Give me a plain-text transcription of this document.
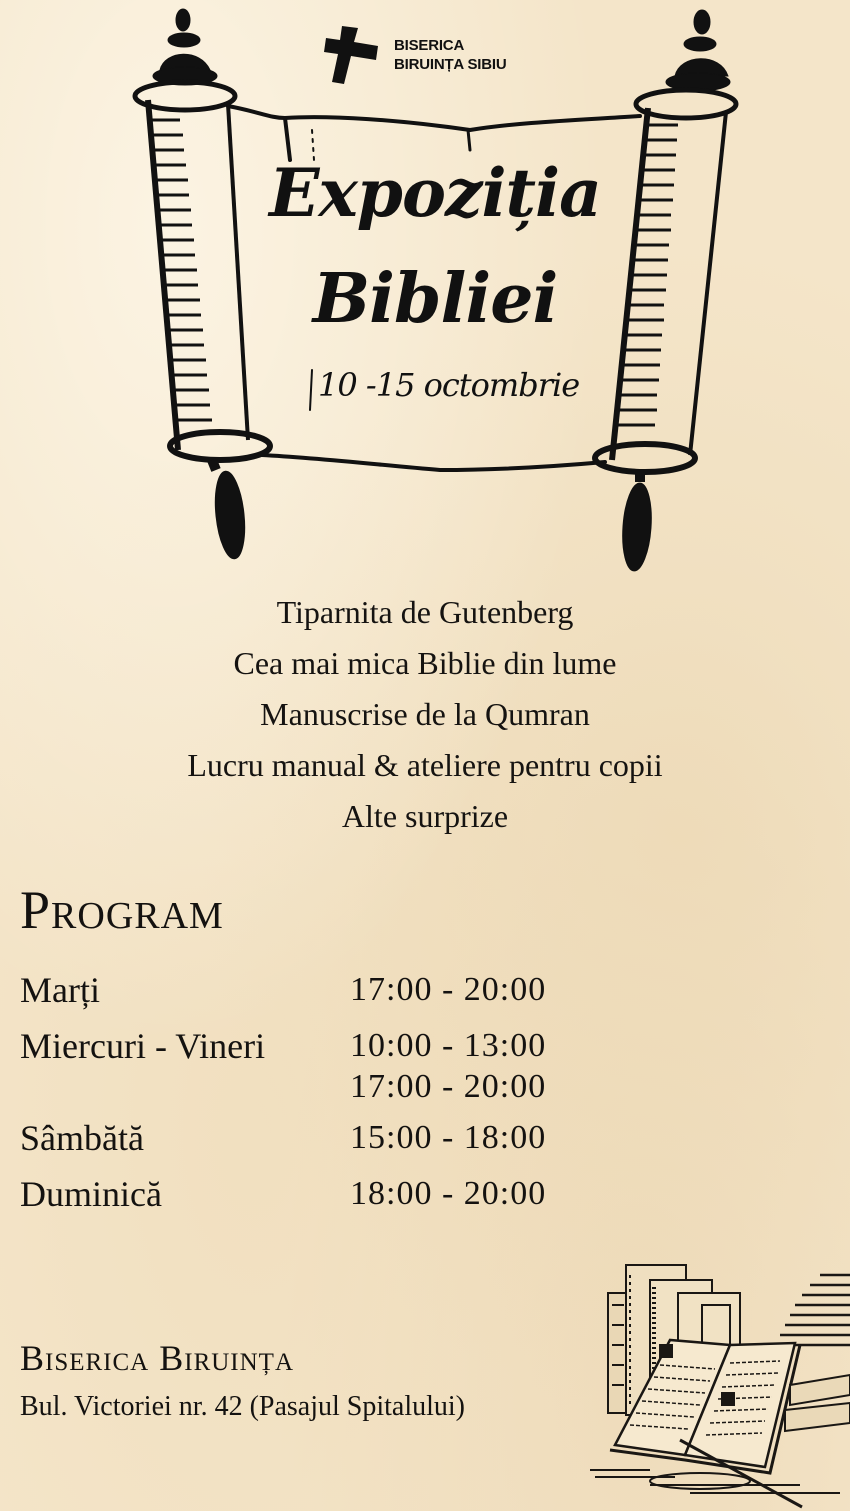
BISERICA
BIRUINȚA SIBIU
Expoziția
Bibliei
10 -15 octombrie
Tiparnita de Gutenberg
Cea mai mica Biblie din lume
Manuscrise de la Qumran
Lucru manual & ateliere pentru copii
Alte surprize
Program
Marți	17:00 - 20:00
Miercuri - Vineri	10:00 - 13:00
17:00 - 20:00
Sâmbătă	15:00 - 18:00
Duminică	18:00 - 20:00
Biserica Biruința
Bul. Victoriei nr. 42 (Pasajul Spitalului)
